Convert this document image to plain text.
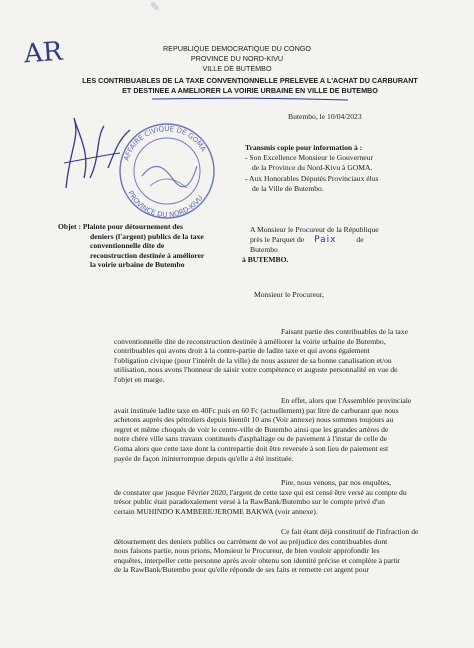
✎
AR	REPUBLIQUE DEMOCRATIQUE DU CONGO
PROVINCE DU NORD-KIVU
VILLE DE BUTEMBO
LES CONTRIBUABLES DE LA TAXE CONVENTIONNELLE PRELEVEE A L'ACHAT DU CARBURANT
ET DESTINEE A AMELIORER LA VOIRIE URBAINE EN VILLE DE BUTEMBO
Butembo, le 10/04/2023
AFFAIRE CIVIQUE DE GOMA
PROVINCE DU NORD-KIVU
Transmis copie pour information à :
- Son Excellence Monsieur le Gouverneur
de la Province du Nord-Kivu à GOMA.
- Aux Honorables Députés Provinciaux élus
de la Ville de Butembo.
Objet : Plainte pour détournement des
deniers (l'argent) publics de la taxe
conventionnelle dite de
reconstruction destinée à améliorer
la voirie urbaine de Butembo
A Monsieur le Procureur de la République
près le Parquet de Paix	de
Butembo
à BUTEMBO.
Monsieur le Procureur,
Faisant partie des contribuables de la taxe
conventionnelle dite de reconstruction destinée à améliorer la voirie urbaine de Butembo,
contribuables qui avons droit à la contre-partie de ladite taxe et qui avons également
l'obligation civique (pour l'intérêt de la ville) de nous assurer de sa bonne canalisation et/ou
utilisation, nous avons l'honneur de saisir votre compétence et auguste personnalité en vue de
l'objet en marge.
En effet, alors que l'Assemblée provinciale
avait instituée ladite taxe en 40Fc puis en 60 Fc (actuellement) par litre de carburant que nous
achetons auprès des pétroliers depuis bientôt 10 ans (Voir annexe) nous sommes toujours au
regret et même choqués de voir le centre-ville de Butembo ainsi que les grandes artères de
notre chère ville sans travaux continuels d'asphaltage ou de pavement à l'instar de celle de
Goma alors que cette taxe dont la contrepartie doit être reversée à son lieu de paiement est
payée de façon ininterrompue depuis qu'elle a été instituée.
Pire, nous venons, par nos enquêtes,
de constater que jusque Février 2020, l'argent de cette taxe qui est censé être versé au compte du
trésor public était paradoxalement versé à la RawBank/Butembo sur le compte privé d'un
certain MUHINDO KAMBERE/JEROME BAKWA (voir annexe).
Ce fait étant déjà constitutif de l'infraction de
détournement des deniers publics ou carrément de vol au préjudice des contribuables dont
nous faisons partie, nous prions, Monsieur le Procureur, de bien vouloir approfondir les
enquêtes, interpeller cette personne après avoir obtenu son identité précise et complète à partir
de la RawBank/Butembo pour qu'elle réponde de ses faits et remette cet argent pour
